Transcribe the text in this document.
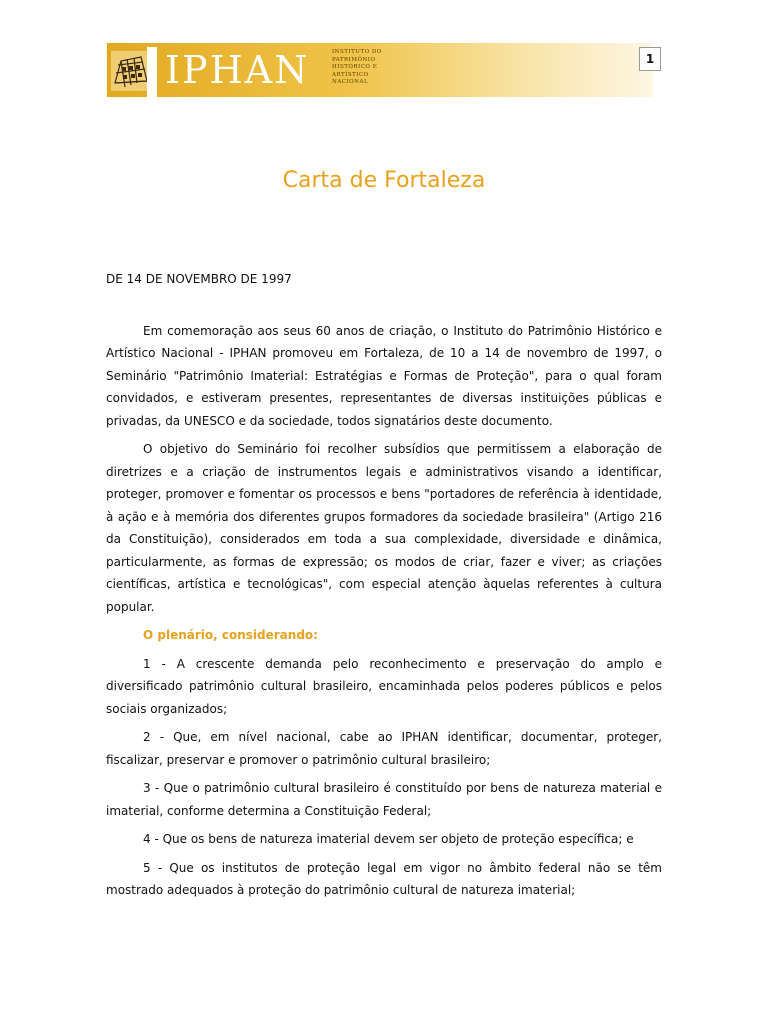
IPHAN	INSTITUTO DO
PATRIMÔNIO
HISTÓRICO E
ARTÍSTICO
NACIONAL
1
Carta de Fortaleza

DE 14 DE NOVEMBRO DE 1997

Em comemoração aos seus 60 anos de criação, o Instituto do Patrimônio Histórico e Artístico Nacional - IPHAN promoveu em Fortaleza, de 10 a 14 de novembro de 1997, o Seminário "Patrimônio Imaterial: Estratégias e Formas de Proteção", para o qual foram convidados, e estiveram presentes, representantes de diversas instituições públicas e privadas, da UNESCO e da sociedade, todos signatários deste documento.

O objetivo do Seminário foi recolher subsídios que permitissem a elaboração de diretrizes e a criação de instrumentos legais e administrativos visando a identificar, proteger, promover e fomentar os processos e bens "portadores de referência à identidade, à ação e à memória dos diferentes grupos formadores da sociedade brasileira" (Artigo 216 da Constituição), considerados em toda a sua complexidade, diversidade e dinâmica, particularmente, as formas de expressão; os modos de criar, fazer e viver; as criações científicas, artística e tecnológicas", com especial atenção àquelas referentes à cultura popular.

O plenário, considerando:

1 - A crescente demanda pelo reconhecimento e preservação do amplo e diversificado patrimônio cultural brasileiro, encaminhada pelos poderes públicos e pelos sociais organizados;

2 - Que, em nível nacional, cabe ao IPHAN identificar, documentar, proteger, fiscalizar, preservar e promover o patrimônio cultural brasileiro;

3 - Que o patrimônio cultural brasileiro é constituído por bens de natureza material e imaterial, conforme determina a Constituição Federal;

4 - Que os bens de natureza imaterial devem ser objeto de proteção específica; e

5 - Que os institutos de proteção legal em vigor no âmbito federal não se têm mostrado adequados à proteção do patrimônio cultural de natureza imaterial;
